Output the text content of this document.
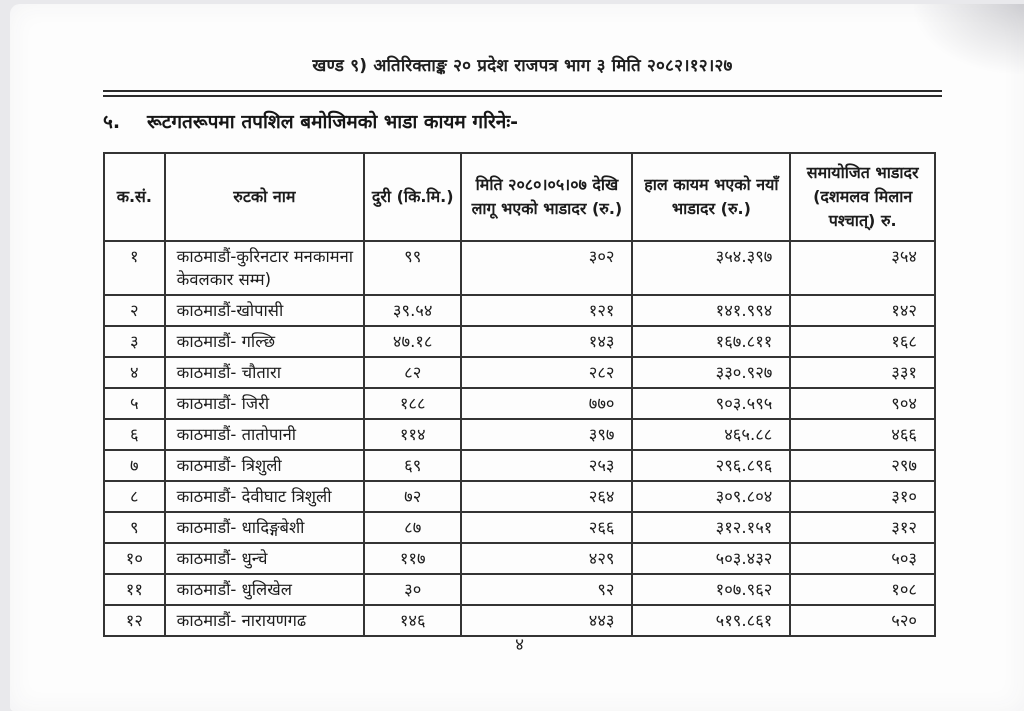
खण्ड ९) अतिरिक्ताङ्क २० प्रदेश राजपत्र भाग ३ मिति २०८२।१२।२७
५.	रूटगतरूपमा तपशिल बमोजिमको भाडा कायम गरिनेः-
क.सं.	रुटको नाम	दुरी (कि.मि.)	मिति २०८०।०५।०७ देखि लागू भएको भाडादर (रु.)	हाल कायम भएको नयाँ भाडादर (रु.)	समायोजित भाडादर (दशमलव मिलान पश्चात्) रु.
१	काठमाडौं-कुरिनटार मनकामना केवलकार सम्म)	९९	३०२	३५४.३९७	३५४
२	काठमाडौं-खोपासी	३९.५४	१२१	१४१.९९४	१४२
३	काठमाडौं- गल्छि	४७.१८	१४३	१६७.८११	१६८
४	काठमाडौं- चौतारा	८२	२८२	३३०.९२७	३३१
५	काठमाडौं- जिरी	१८८	७७०	९०३.५९५	९०४
६	काठमाडौं- तातोपानी	११४	३९७	४६५.८८	४६६
७	काठमाडौं- त्रिशुली	६९	२५३	२९६.८९६	२९७
८	काठमाडौं- देवीघाट त्रिशुली	७२	२६४	३०९.८०४	३१०
९	काठमाडौं- धादिङ्गबेशी	८७	२६६	३१२.१५१	३१२
१०	काठमाडौं- धुन्चे	११७	४२९	५०३.४३२	५०३
११	काठमाडौं- धुलिखेल	३०	९२	१०७.९६२	१०८
१२	काठमाडौं- नारायणगढ	१४६	४४३	५१९.८६१	५२०
४
